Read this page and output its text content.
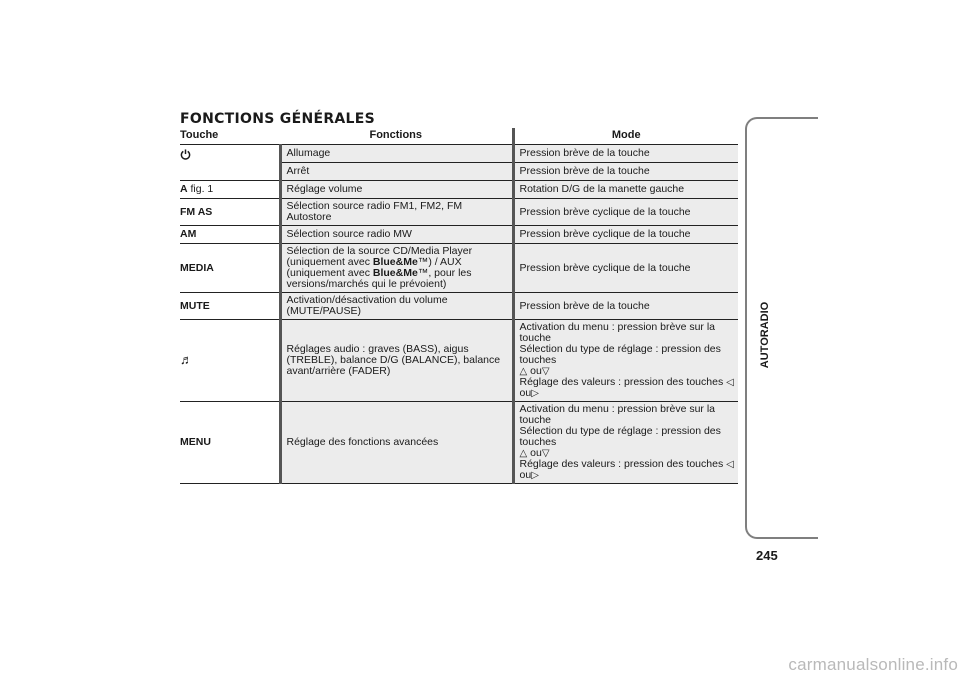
FONCTIONS GÉNÉRALES
Touche	Fonctions	Mode
	Allumage	Pression brève de la touche
	Arrêt	Pression brève de la touche
A fig. 1	Réglage volume	Rotation D/G de la manette gauche
FM AS	Sélection source radio FM1, FM2, FM Autostore	Pression brève cyclique de la touche
AM	Sélection source radio MW	Pression brève cyclique de la touche
MEDIA	Sélection de la source CD/Media Player (uniquement avec Blue&Me™) / AUX (uniquement avec Blue&Me™, pour les versions/marchés qui le prévoient)	Pression brève cyclique de la touche
MUTE	Activation/désactivation du volume (MUTE/PAUSE)	Pression brève de la touche
♬	Réglages audio : graves (BASS), aigus (TREBLE), balance D/G (BALANCE), balance avant/arrière (FADER)	Activation du menu : pression brève sur la touche
Sélection du type de réglage : pression des touches
△ ou▽
Réglage des valeurs : pression des touches ◁ ou▷

MENU	Réglage des fonctions avancées	Activation du menu : pression brève sur la touche
Sélection du type de réglage : pression des touches
△ ou▽
Réglage des valeurs : pression des touches ◁ ou▷
AUTORADIO
245
carmanualsonline.info
